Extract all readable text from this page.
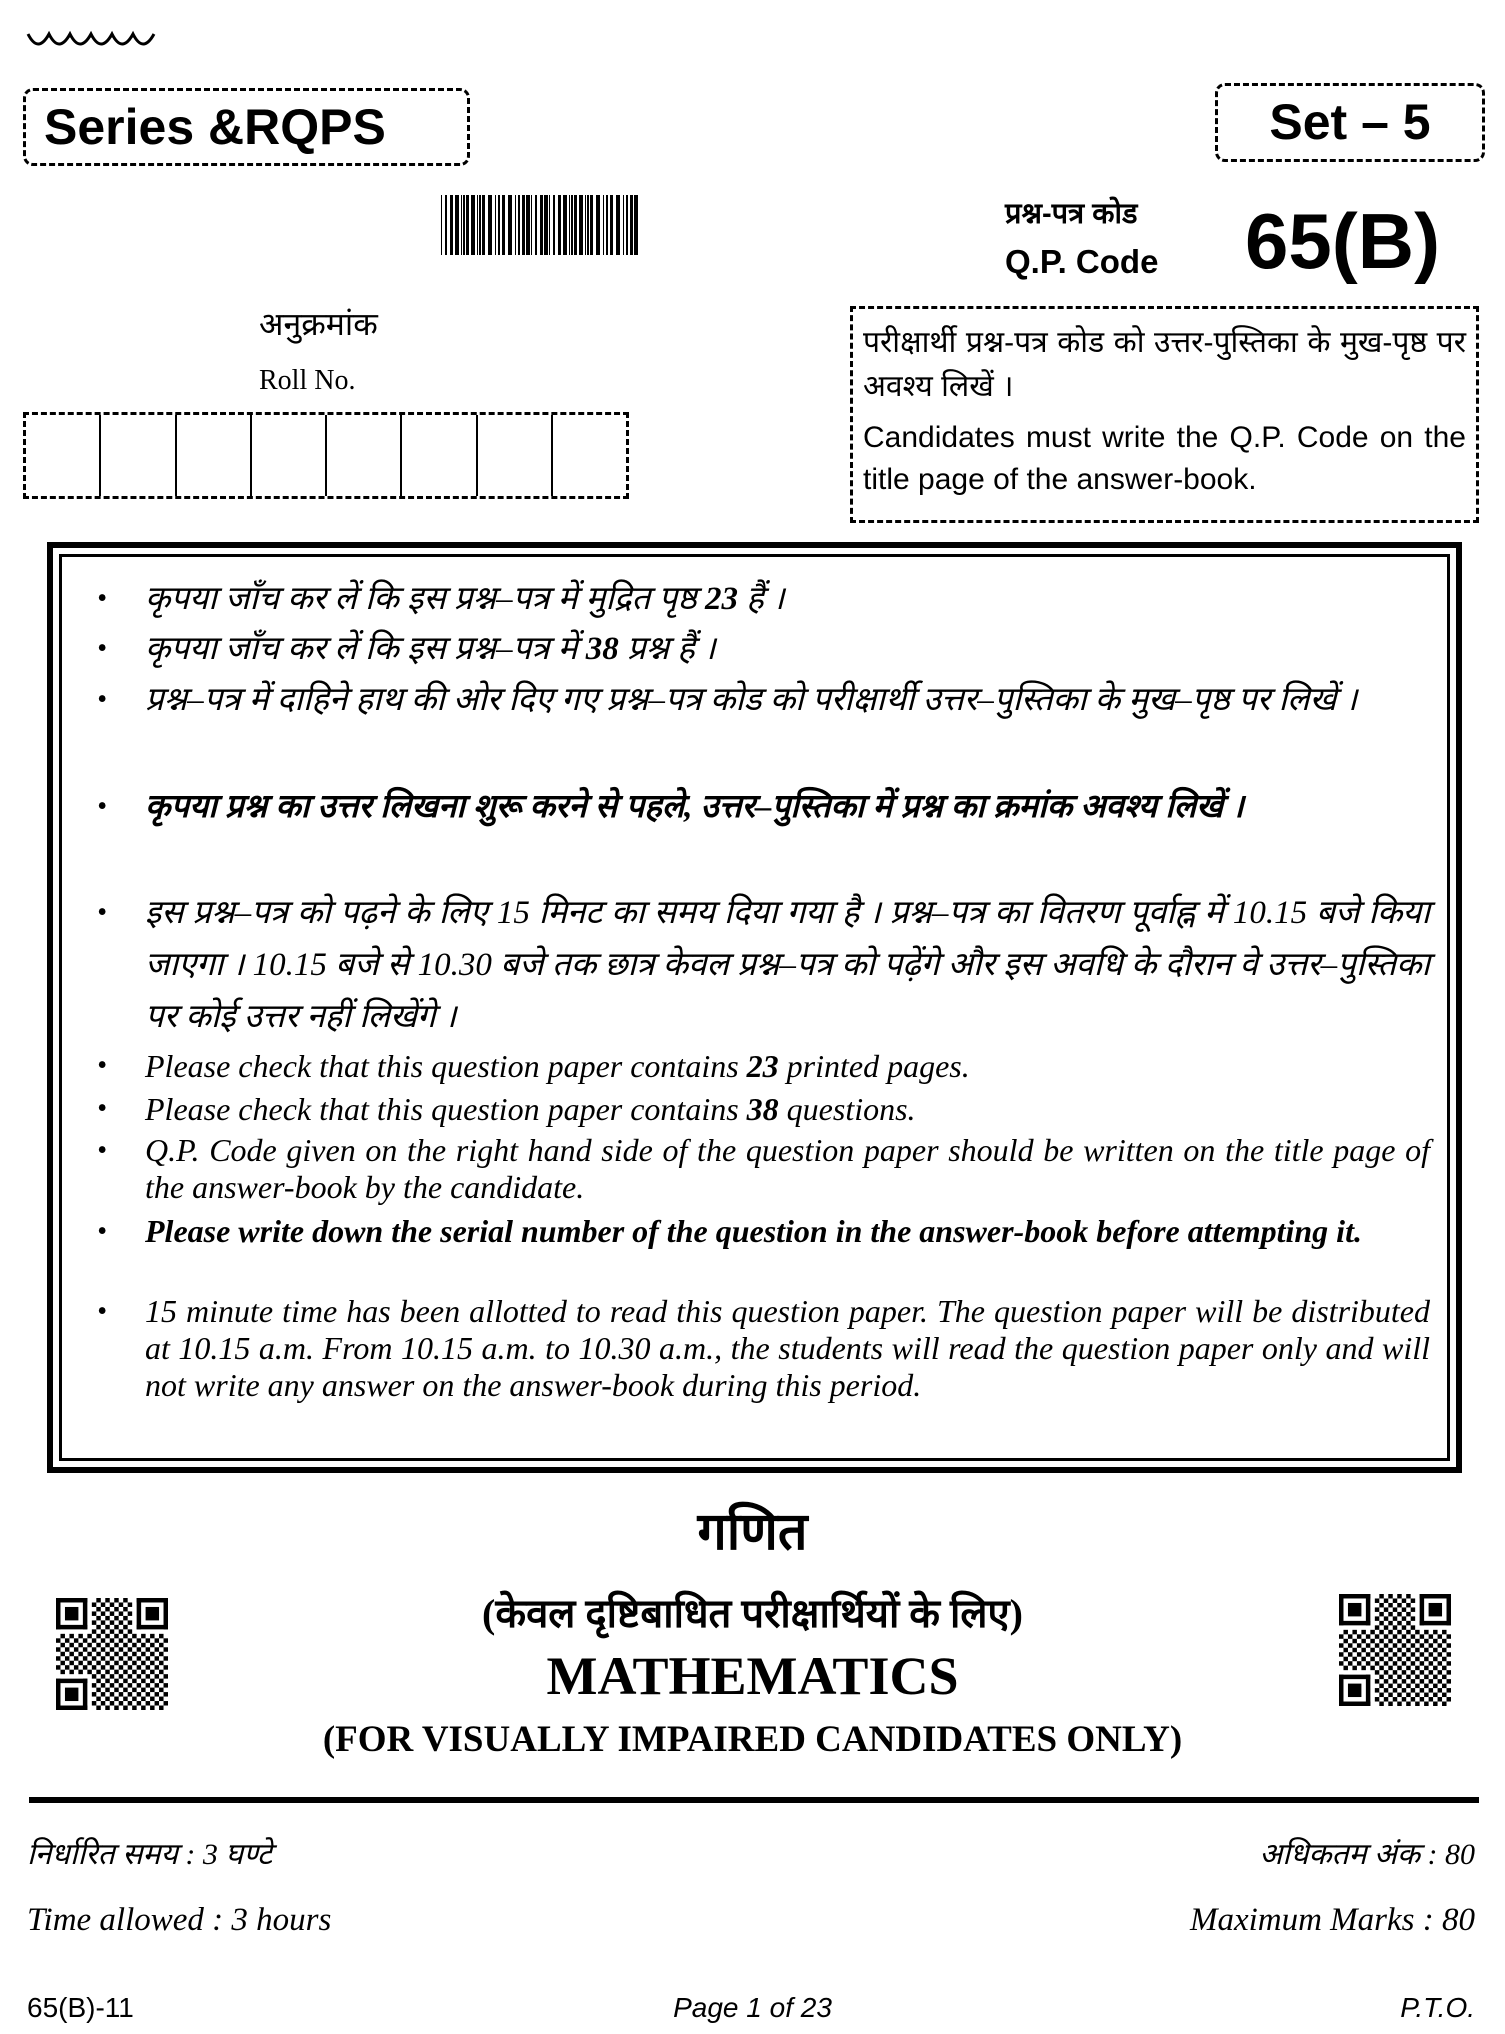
Series &RQPS	Set – 5
प्रश्न-पत्र कोड
Q.P. Code 65(B)
अनुक्रमांक
Roll No.
परीक्षार्थी प्रश्न-पत्र कोड को उत्तर-पुस्तिका के मुख-पृष्ठ पर अवश्य लिखें ।
Candidates must write the Q.P. Code on the title page of the answer-book.
• कृपया जाँच कर लें कि इस प्रश्न–पत्र में मुद्रित पृष्ठ 23 हैं ।
• कृपया जाँच कर लें कि इस प्रश्न–पत्र में 38 प्रश्न हैं ।
• प्रश्न–पत्र में दाहिने हाथ की ओर दिए गए प्रश्न–पत्र कोड को परीक्षार्थी उत्तर–पुस्तिका के मुख–पृष्ठ पर लिखें ।
• कृपया प्रश्न का उत्तर लिखना शुरू करने से पहले, उत्तर–पुस्तिका में प्रश्न का क्रमांक अवश्य लिखें ।
• इस प्रश्न–पत्र को पढ़ने के लिए 15 मिनट का समय दिया गया है । प्रश्न–पत्र का वितरण पूर्वाह्न में 10.15 बजे किया जाएगा । 10.15 बजे से 10.30 बजे तक छात्र केवल प्रश्न–पत्र को पढ़ेंगे और इस अवधि के दौरान वे उत्तर–पुस्तिका पर कोई उत्तर नहीं लिखेंगे ।
• Please check that this question paper contains 23 printed pages.
• Please check that this question paper contains 38 questions.
• Q.P. Code given on the right hand side of the question paper should be written on the title page of the answer-book by the candidate.
• Please write down the serial number of the question in the answer-book before attempting it.
• 15 minute time has been allotted to read this question paper. The question paper will be distributed at 10.15 a.m. From 10.15 a.m. to 10.30 a.m., the students will read the question paper only and will not write any answer on the answer-book during this period.
गणित
(केवल दृष्टिबाधित परीक्षार्थियों के लिए)
MATHEMATICS
(FOR VISUALLY IMPAIRED CANDIDATES ONLY)
निर्धारित समय : 3 घण्टे	अधिकतम अंक : 80
Time allowed : 3 hours	Maximum Marks : 80
65(B)-11	Page 1 of 23	P.T.O.
